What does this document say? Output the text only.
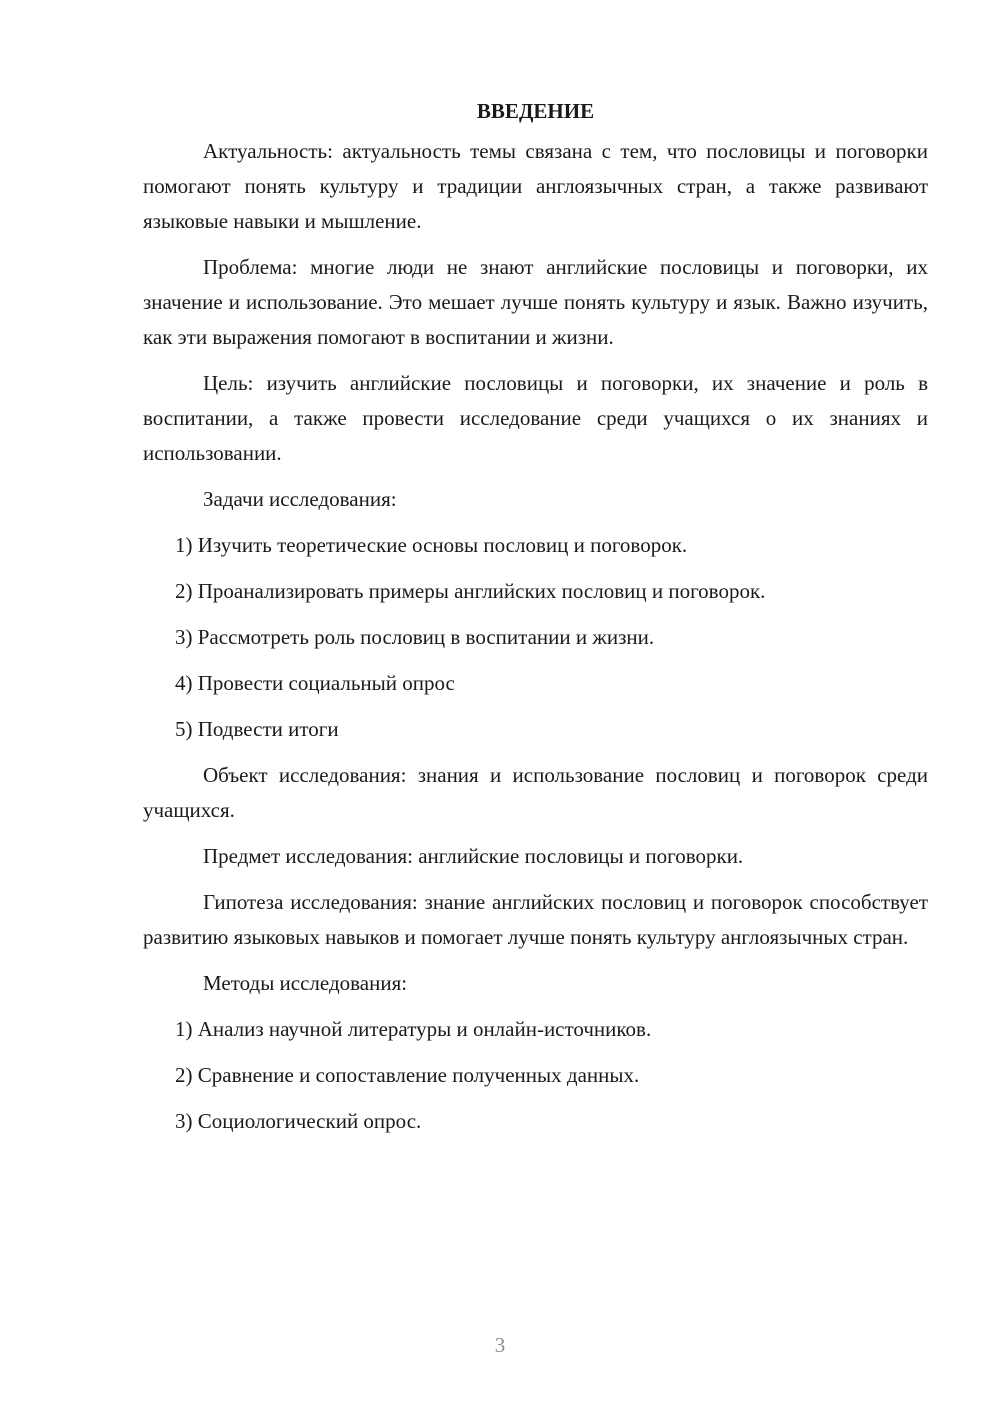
ВВЕДЕНИЕ

Актуальность: актуальность темы связана с тем, что пословицы и поговорки помогают понять культуру и традиции англоязычных стран, а также развивают языковые навыки и мышление.

Проблема: многие люди не знают английские пословицы и поговорки, их значение и использование. Это мешает лучше понять культуру и язык. Важно изучить, как эти выражения помогают в воспитании и жизни.

Цель: изучить английские пословицы и поговорки, их значение и роль в воспитании, а также провести исследование среди учащихся о их знаниях и использовании.

Задачи исследования:

1) Изучить теоретические основы пословиц и поговорок.
2) Проанализировать примеры английских пословиц и поговорок.
3) Рассмотреть роль пословиц в воспитании и жизни.
4) Провести социальный опрос
5) Подвести итоги

Объект исследования: знания и использование пословиц и поговорок среди учащихся.

Предмет исследования: английские пословицы и поговорки.

Гипотеза исследования: знание английских пословиц и поговорок способствует развитию языковых навыков и помогает лучше понять культуру англоязычных стран.

Методы исследования:

1) Анализ научной литературы и онлайн-источников.
2) Сравнение и сопоставление полученных данных.
3) Социологический опрос.
3
